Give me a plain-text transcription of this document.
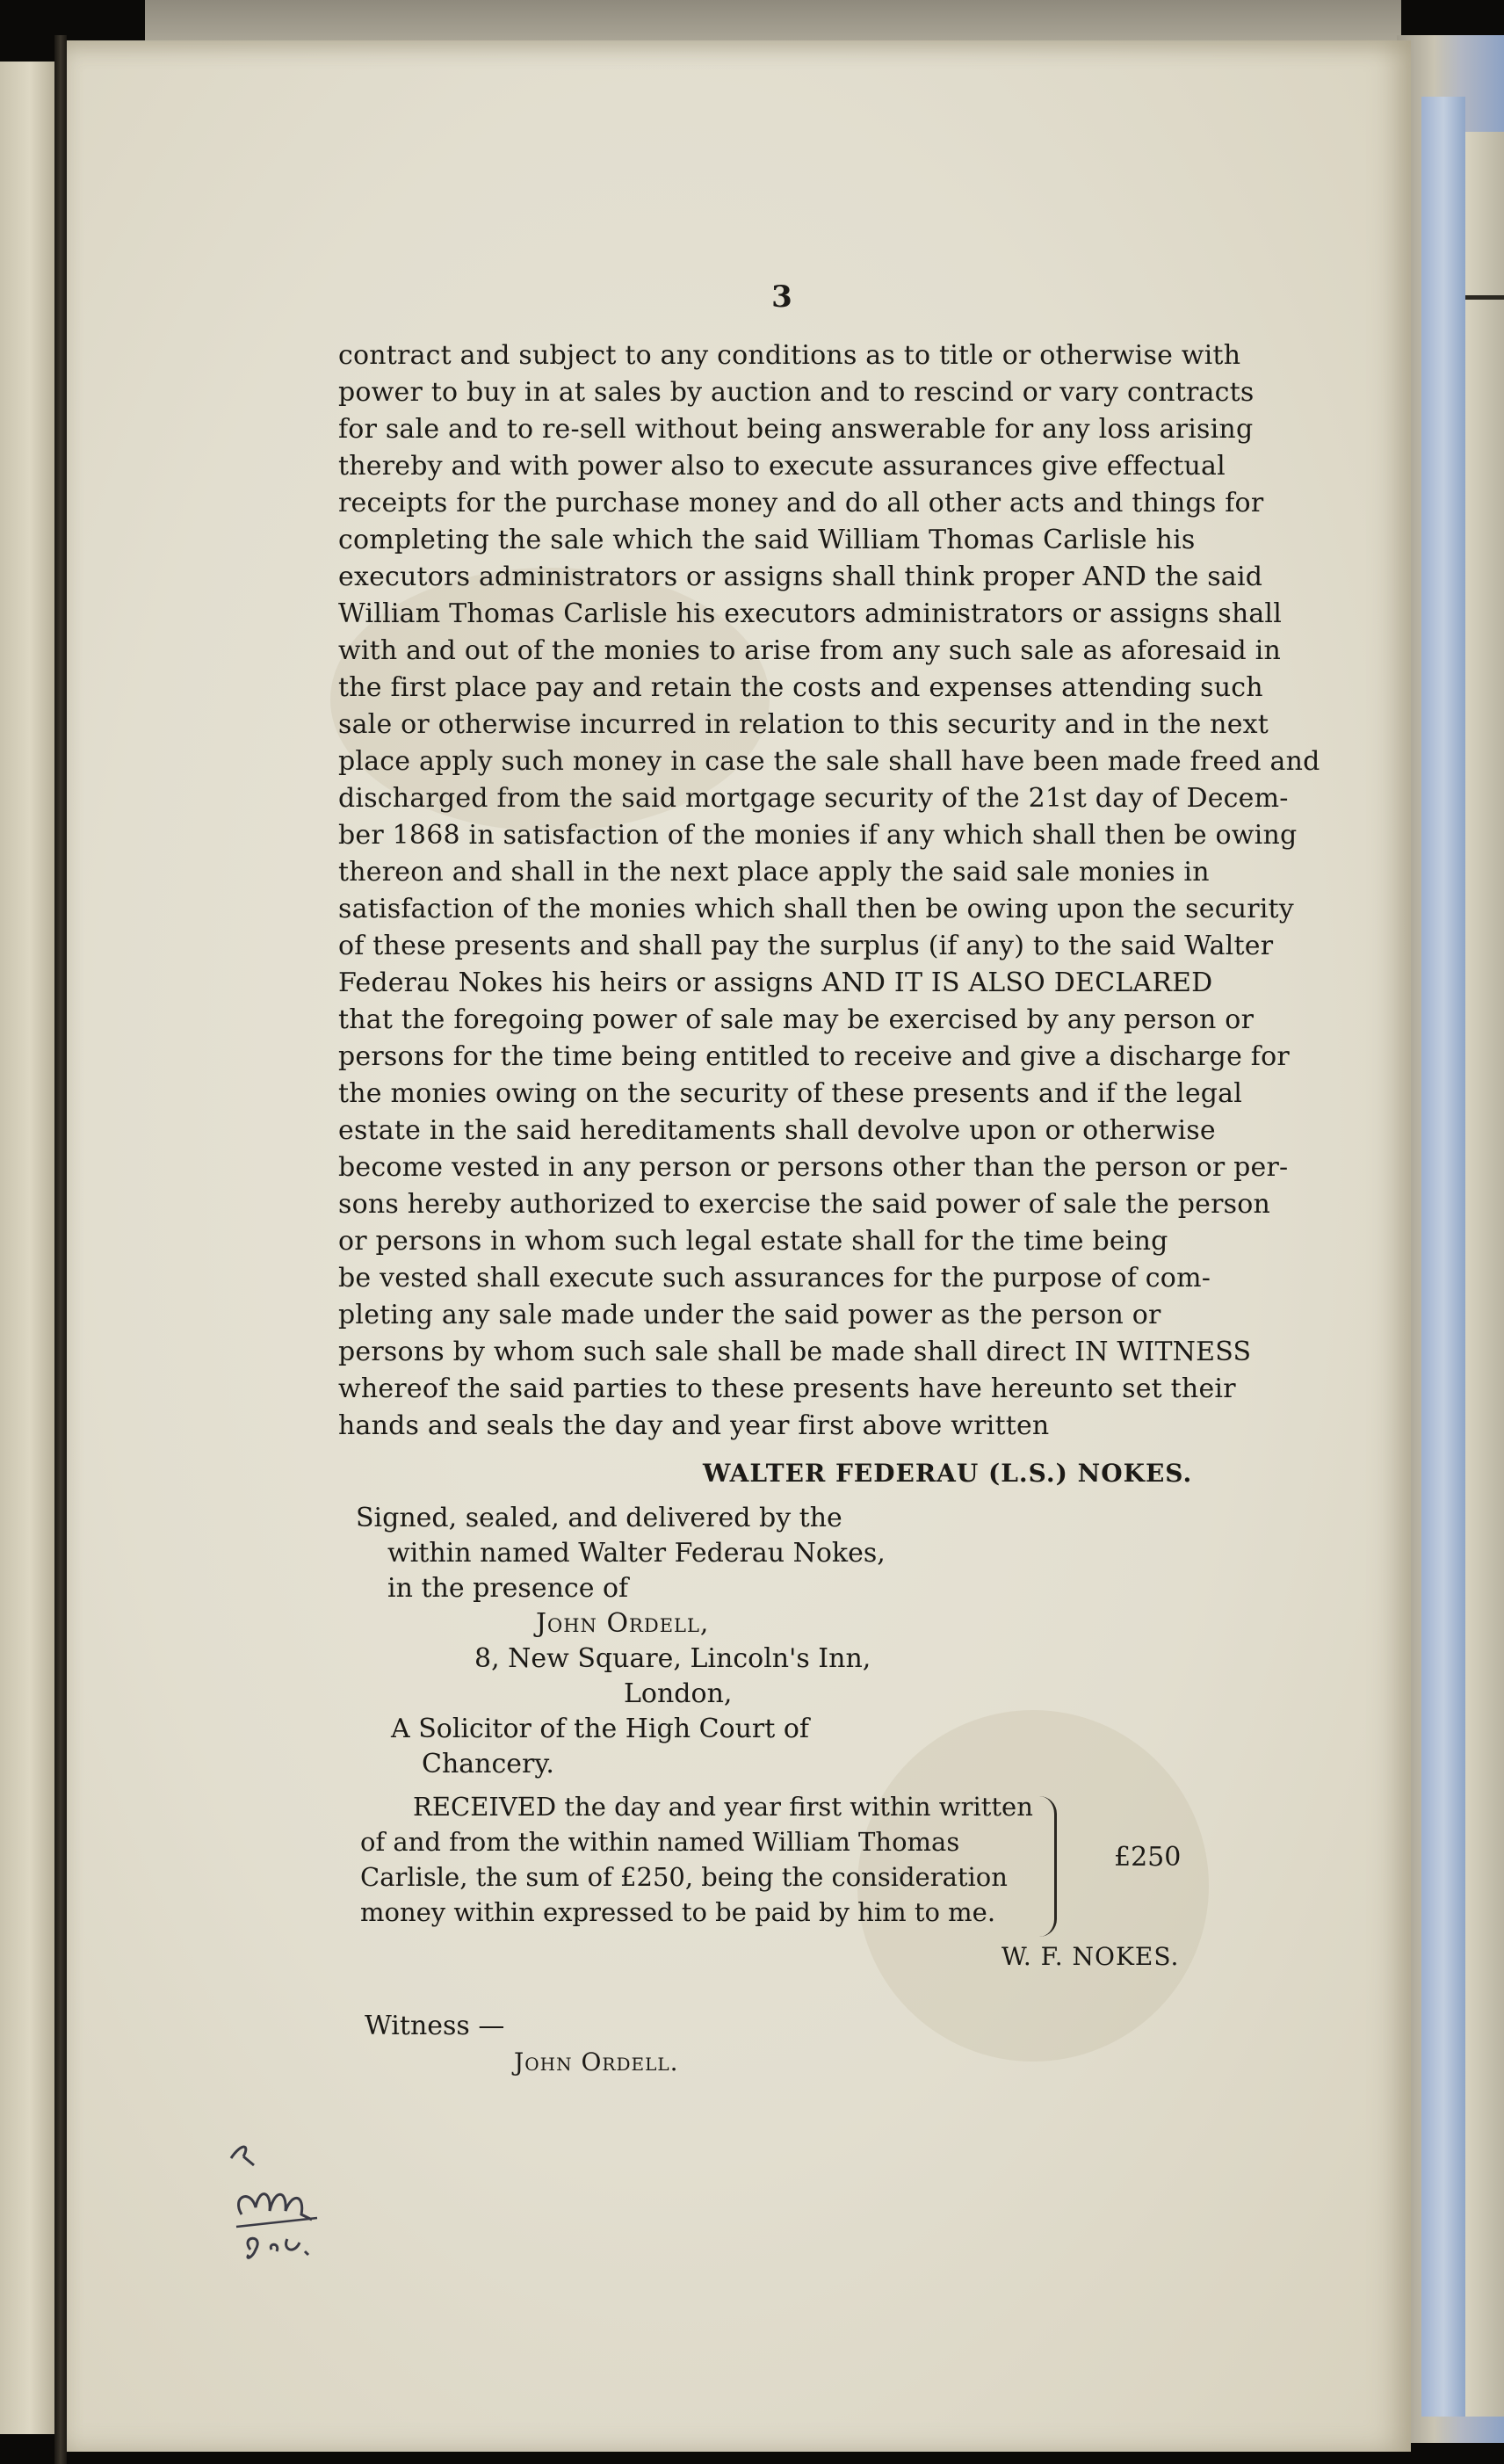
3
contract and subject to any conditions as to title or otherwise with
power to buy in at sales by auction and to rescind or vary contracts
for sale and to re-sell without being answerable for any loss arising
thereby and with power also to execute assurances give effectual
receipts for the purchase money and do all other acts and things for
completing the sale which the said William Thomas Carlisle his
executors administrators or assigns shall think proper AND the said
William Thomas Carlisle his executors administrators or assigns shall
with and out of the monies to arise from any such sale as aforesaid in
the first place pay and retain the costs and expenses attending such
sale or otherwise incurred in relation to this security and in the next
place apply such money in case the sale shall have been made freed and
discharged from the said mortgage security of the 21st day of Decem-
ber 1868 in satisfaction of the monies if any which shall then be owing
thereon and shall in the next place apply the said sale monies in
satisfaction of the monies which shall then be owing upon the security
of these presents and shall pay the surplus (if any) to the said Walter
Federau Nokes his heirs or assigns AND IT IS ALSO DECLARED
that the foregoing power of sale may be exercised by any person or
persons for the time being entitled to receive and give a discharge for
the monies owing on the security of these presents and if the legal
estate in the said hereditaments shall devolve upon or otherwise
become vested in any person or persons other than the person or per-
sons hereby authorized to exercise the said power of sale the person
or persons in whom such legal estate shall for the time being
be vested shall execute such assurances for the purpose of com-
pleting any sale made under the said power as the person or
persons by whom such sale shall be made shall direct IN WITNESS
whereof the said parties to these presents have hereunto set their
hands and seals the day and year first above written
WALTER FEDERAU (L.S.) NOKES.
Signed, sealed, and delivered by the
within named Walter Federau Nokes,
in the presence of
John Ordell,
8, New Square, Lincoln's Inn,
London,
A Solicitor of the High Court of
Chancery.
RECEIVED the day and year first within written
of and from the within named William Thomas
Carlisle, the sum of £250, being the consideration
money within expressed to be paid by him to me.
£250
W. F. NOKES.
Witness —
John Ordell.
